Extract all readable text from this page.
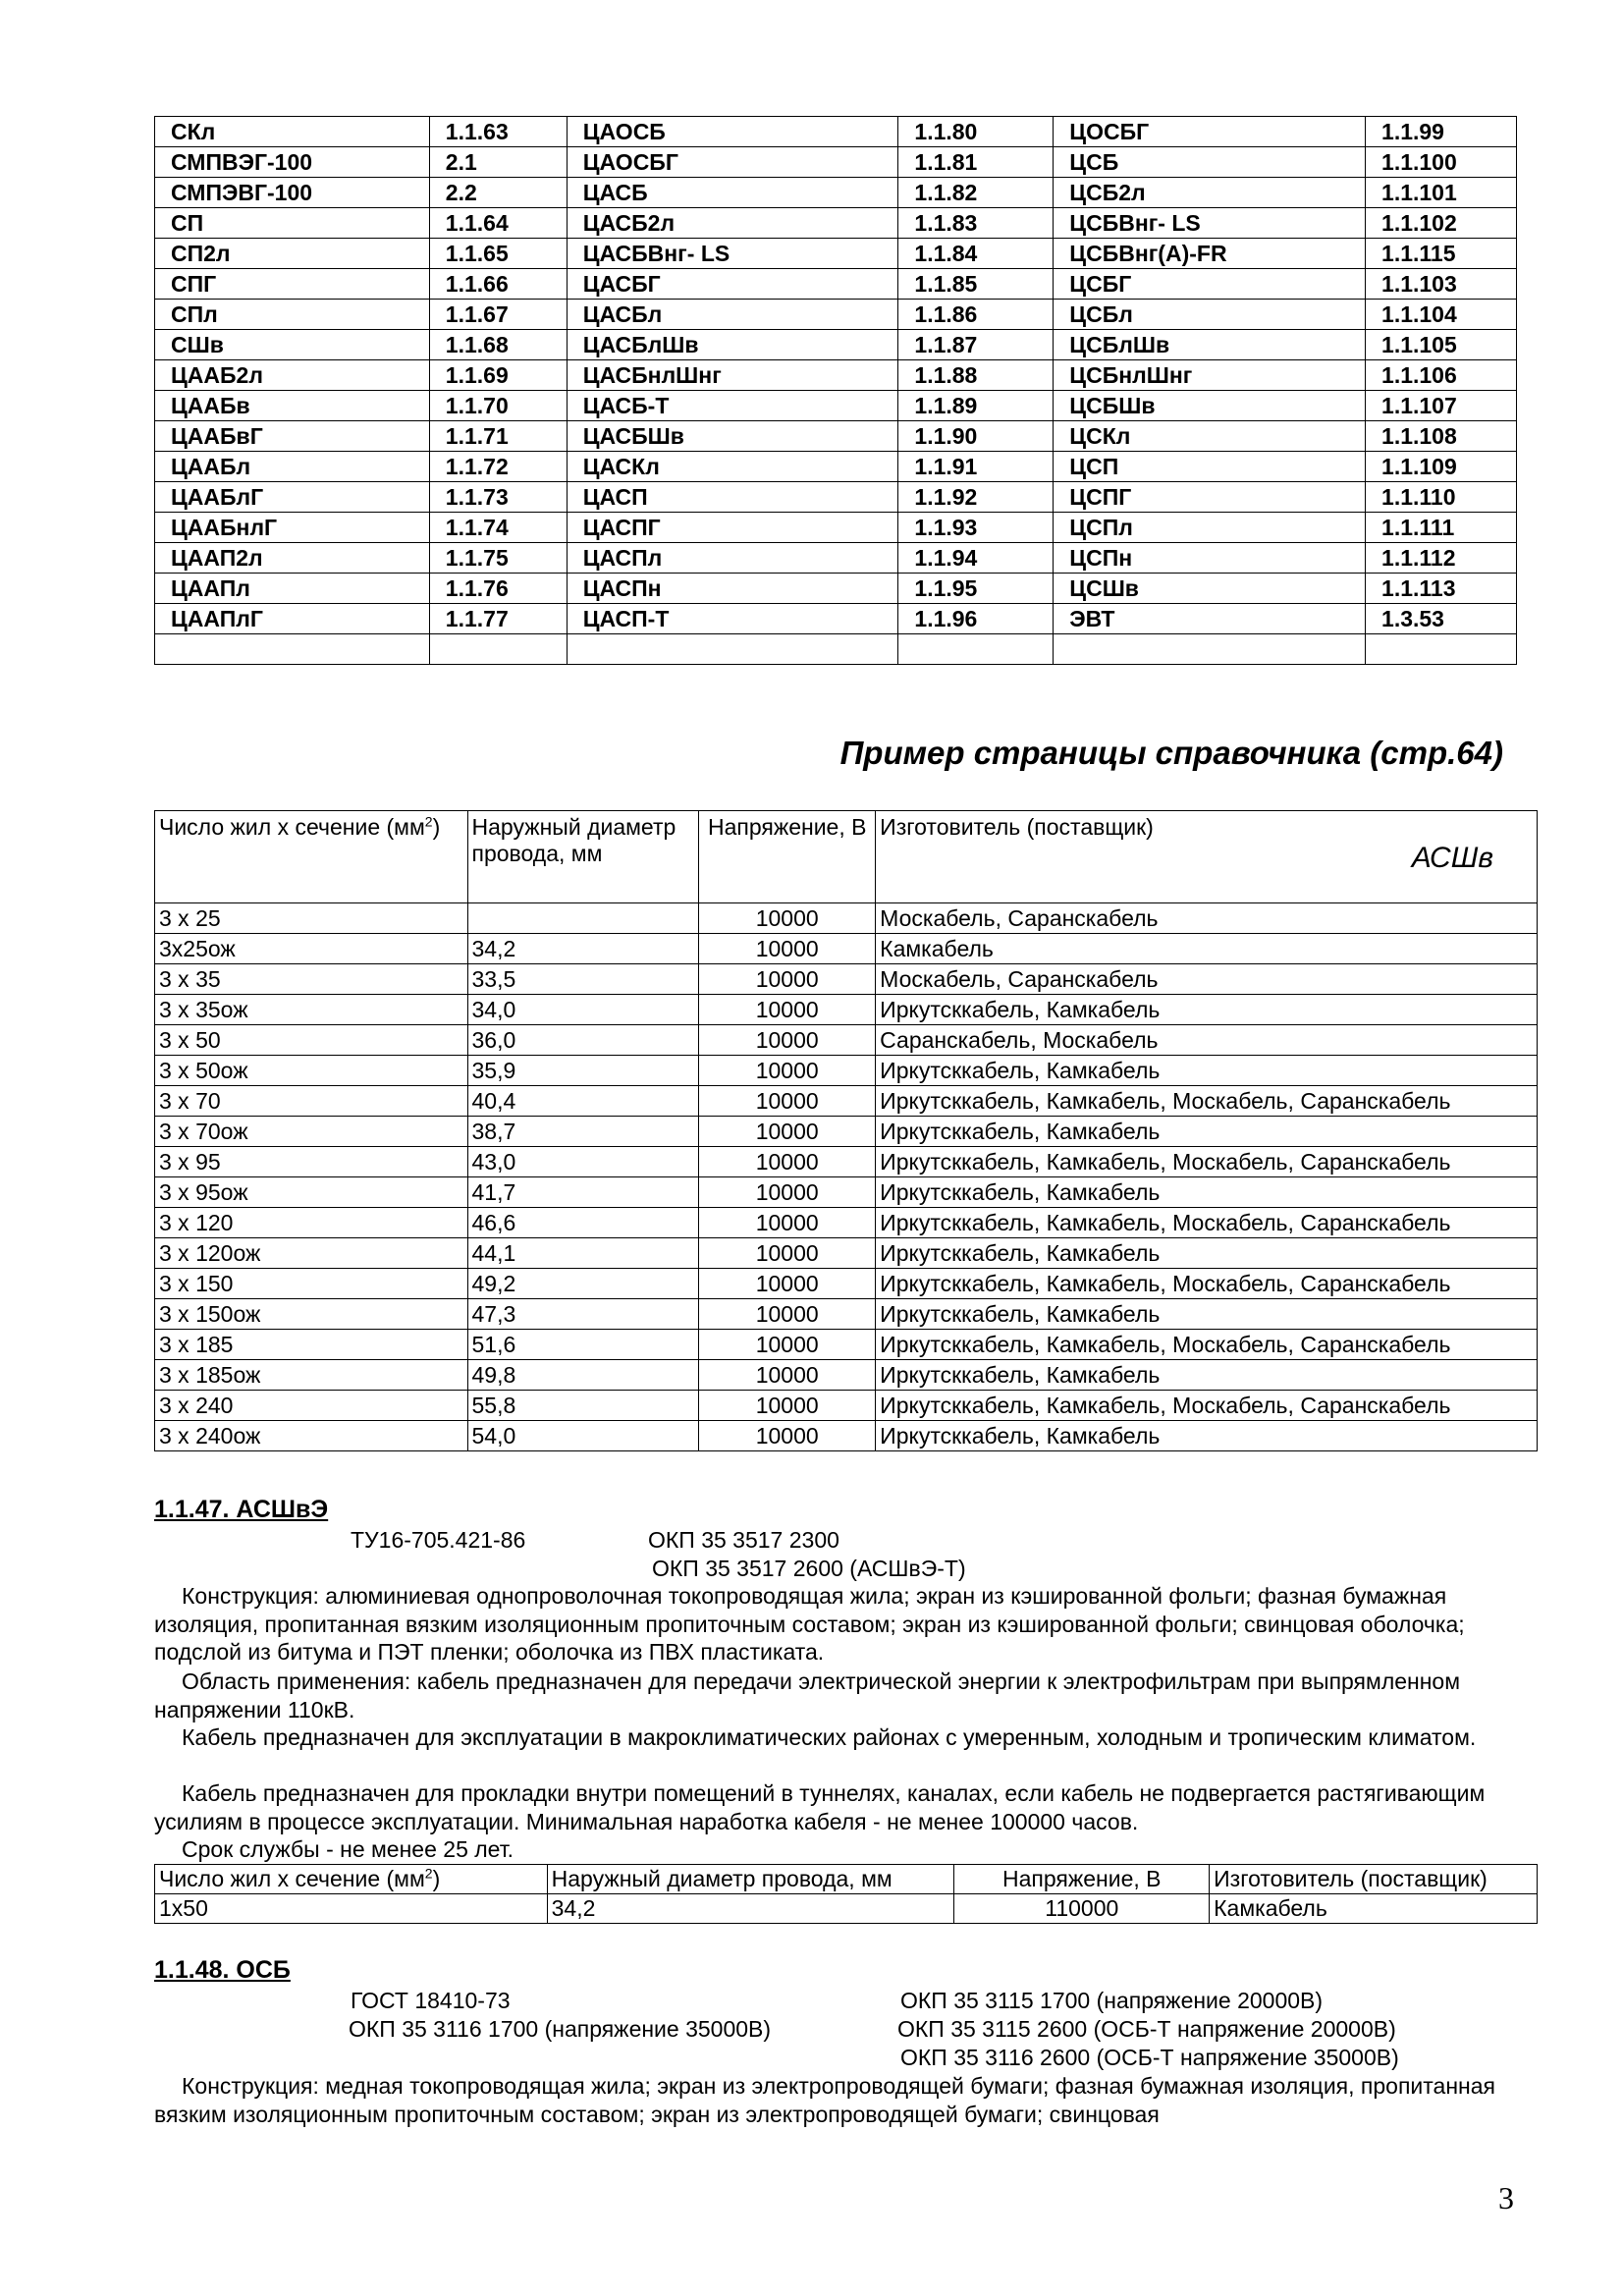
СКл	1.1.63	ЦАОСБ	1.1.80	ЦОСБГ	1.1.99
СМПВЭГ-100	2.1	ЦАОСБГ	1.1.81	ЦСБ	1.1.100
СМПЭВГ-100	2.2	ЦАСБ	1.1.82	ЦСБ2л	1.1.101
СП	1.1.64	ЦАСБ2л	1.1.83	ЦСБВнг- LS	1.1.102
СП2л	1.1.65	ЦАСБВнг- LS	1.1.84	ЦСБВнг(А)-FR	1.1.115
СПГ	1.1.66	ЦАСБГ	1.1.85	ЦСБГ	1.1.103
СПл	1.1.67	ЦАСБл	1.1.86	ЦСБл	1.1.104
СШв	1.1.68	ЦАСБлШв	1.1.87	ЦСБлШв	1.1.105
ЦААБ2л	1.1.69	ЦАСБнлШнг	1.1.88	ЦСБнлШнг	1.1.106
ЦААБв	1.1.70	ЦАСБ-Т	1.1.89	ЦСБШв	1.1.107
ЦААБвГ	1.1.71	ЦАСБШв	1.1.90	ЦСКл	1.1.108
ЦААБл	1.1.72	ЦАСКл	1.1.91	ЦСП	1.1.109
ЦААБлГ	1.1.73	ЦАСП	1.1.92	ЦСПГ	1.1.110
ЦААБнлГ	1.1.74	ЦАСПГ	1.1.93	ЦСПл	1.1.111
ЦААП2л	1.1.75	ЦАСПл	1.1.94	ЦСПн	1.1.112
ЦААПл	1.1.76	ЦАСПн	1.1.95	ЦСШв	1.1.113
ЦААПлГ	1.1.77	ЦАСП-Т	1.1.96	ЭВТ	1.3.53

Пример страницы справочника (стр.64)
Число жил х сечение $(мм^2)$	Наружный диаметр провода, мм	Напряжение, В	Изготовитель (поставщик)
АСШв

3 х 25		10000	Москабель, Саранскабель
3х25ож	34,2	10000	Камкабель
3 х 35	33,5	10000	Москабель, Саранскабель
3 х 35ож	34,0	10000	Иркутсккабель, Камкабель
3 х 50	36,0	10000	Саранскабель, Москабель
3 х 50ож	35,9	10000	Иркутсккабель, Камкабель
3 х 70	40,4	10000	Иркутсккабель, Камкабель, Москабель, Саранскабель
3 х 70ож	38,7	10000	Иркутсккабель, Камкабель
3 х 95	43,0	10000	Иркутсккабель, Камкабель, Москабель, Саранскабель
3 х 95ож	41,7	10000	Иркутсккабель, Камкабель
3 х 120	46,6	10000	Иркутсккабель, Камкабель, Москабель, Саранскабель
3 х 120ож	44,1	10000	Иркутсккабель, Камкабель
3 х 150	49,2	10000	Иркутсккабель, Камкабель, Москабель, Саранскабель
3 х 150ож	47,3	10000	Иркутсккабель, Камкабель
3 х 185	51,6	10000	Иркутсккабель, Камкабель, Москабель, Саранскабель
3 х 185ож	49,8	10000	Иркутсккабель, Камкабель
3 х 240	55,8	10000	Иркутсккабель, Камкабель, Москабель, Саранскабель
3 х 240ож	54,0	10000	Иркутсккабель, Камкабель
1.1.47. АСШвЭ

ТУ16-705.421-86	ОКП 35 3517 2300

ОКП 35 3517 2600 (АСШвЭ-Т)

Конструкция: алюминиевая однопроволочная токопроводящая жила; экран из кэшированной фольги; фазная бумажная изоляция, пропитанная вязким изоляционным пропиточным составом; экран из кэшированной фольги; свинцовая оболочка; подслой из битума и ПЭТ пленки; оболочка из ПВХ пластиката.

Область применения: кабель предназначен для передачи электрической энергии к электрофильтрам при выпрямленном напряжении 110кВ.

Кабель предназначен для эксплуатации в макроклиматических районах с умеренным, холодным и тропическим климатом.

Кабель предназначен для прокладки внутри помещений в туннелях, каналах, если кабель не подвергается растягивающим усилиям в процессе эксплуатации. Минимальная наработка кабеля - не менее 100000 часов.

Срок службы - не менее 25 лет.

Число жил х сечение $(мм^2)$	Наружный диаметр провода, мм	Напряжение, В	Изготовитель (поставщик)
1х50	34,2	110000	Камкабель
1.1.48. ОСБ

ГОСТ 18410-73	ОКП 35 3115 1700 (напряжение 20000В)

ОКП 35 3116 1700 (напряжение 35000В)	ОКП 35 3115 2600 (ОСБ-Т напряжение 20000В)

ОКП 35 3116 2600 (ОСБ-Т напряжение 35000В)

Конструкция: медная токопроводящая жила; экран из электропроводящей бумаги; фазная бумажная изоляция, пропитанная вязким изоляционным пропиточным составом; экран из электропроводящей бумаги; свинцовая

3
